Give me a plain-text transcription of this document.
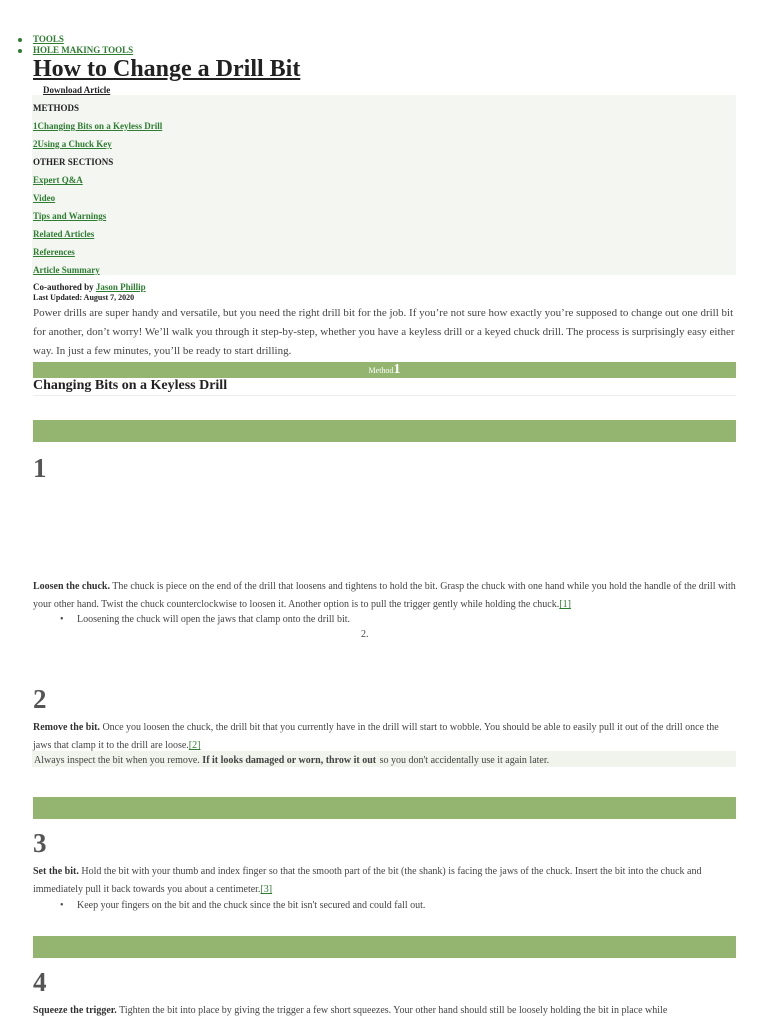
TOOLS
HOLE MAKING TOOLS
How to Change a Drill Bit
Download Article
METHODS
1Changing Bits on a Keyless Drill
2Using a Chuck Key
OTHER SECTIONS
Expert Q&A
Video
Tips and Warnings
Related Articles
References
Article Summary
Co-authored by Jason Phillip
Last Updated: August 7, 2020

Power drills are super handy and versatile, but you need the right drill bit for the job. If you’re not sure how exactly you’re supposed to change out one drill bit for another, don’t worry! We’ll walk you through it step-by-step, whether you have a keyless drill or a keyed chuck drill. The process is surprisingly easy either way. In just a few minutes, you’ll be ready to start drilling.

Method1
Changing Bits on a Keyless Drill
1

Loosen the chuck. The chuck is piece on the end of the drill that loosens and tightens to hold the bit. Grasp the chuck with one hand while you hold the handle of the drill with your other hand. Twist the chuck counterclockwise to loosen it. Another option is to pull the trigger gently while holding the chuck.[1]

• Loosening the chuck will open the jaws that clamp onto the drill bit.
2.
2

Remove the bit. Once you loosen the chuck, the drill bit that you currently have in the drill will start to wobble. You should be able to easily pull it out of the drill once the jaws that clamp it to the drill are loose.[2]

Always inspect the bit when you remove. If it looks damaged or worn, throw it out so you don't accidentally use it again later.
3

Set the bit. Hold the bit with your thumb and index finger so that the smooth part of the bit (the shank) is facing the jaws of the chuck. Insert the bit into the chuck and immediately pull it back towards you about a centimeter.[3]

• Keep your fingers on the bit and the chuck since the bit isn't secured and could fall out.
4

Squeeze the trigger. Tighten the bit into place by giving the trigger a few short squeezes. Your other hand should still be loosely holding the bit in place while
